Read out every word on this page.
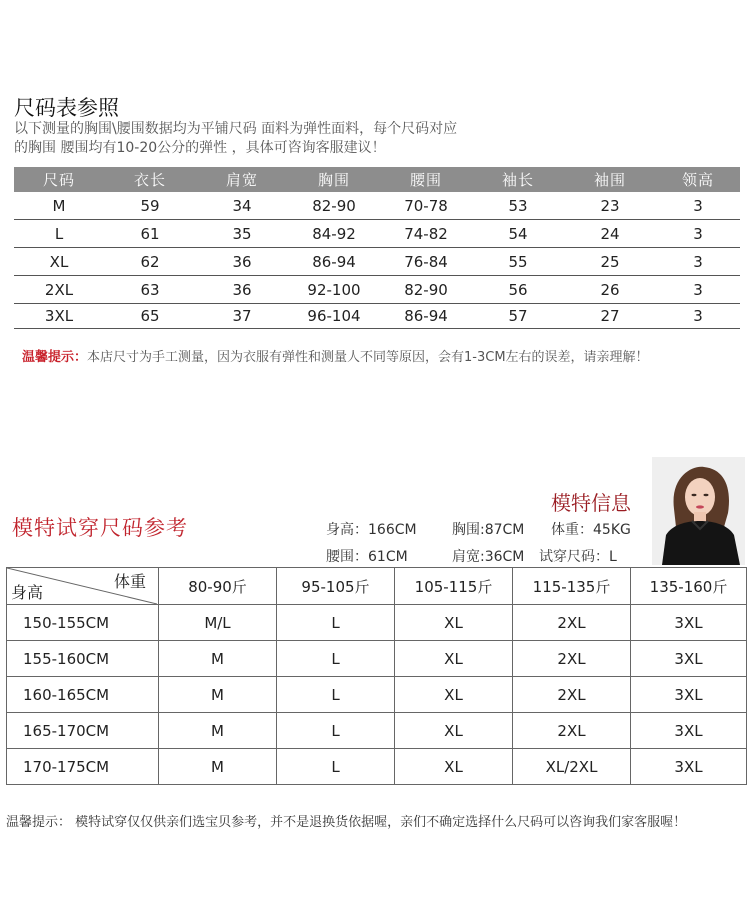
尺码表参照
以下测量的胸围\腰围数据均为平铺尺码 面料为弹性面料，每个尺码对应
的胸围 腰围均有10-20公分的弹性 ，具体可咨询客服建议！
尺码	衣长	肩宽	胸围	腰围	袖长	袖围	领高
M	59	34	82-90	70-78	53	23	3
L	61	35	84-92	74-82	54	24	3
XL	62	36	86-94	76-84	55	25	3
2XL	63	36	92-100	82-90	56	26	3
3XL	65	37	96-104	86-94	57	27	3
温馨提示：本店尺寸为手工测量，因为衣服有弹性和测量人不同等原因，会有1-3CM左右的误差，请亲理解！
模特试穿尺码参考
模特信息
身高：166CM	胸围:87CM 体重：45KG
腰围：61CM	肩宽:36CM 试穿尺码：L
体重
身高	80-90斤	95-105斤	105-115斤	115-135斤	135-160斤
150-155CM	M/L	L	XL	2XL	3XL
155-160CM	M	L	XL	2XL	3XL
160-165CM	M	L	XL	2XL	3XL
165-170CM	M	L	XL	2XL	3XL
170-175CM	M	L	XL	XL/2XL	3XL
温馨提示： 模特试穿仅仅供亲们选宝贝参考，并不是退换货依据喔，亲们不确定选择什么尺码可以咨询我们家客服喔！
